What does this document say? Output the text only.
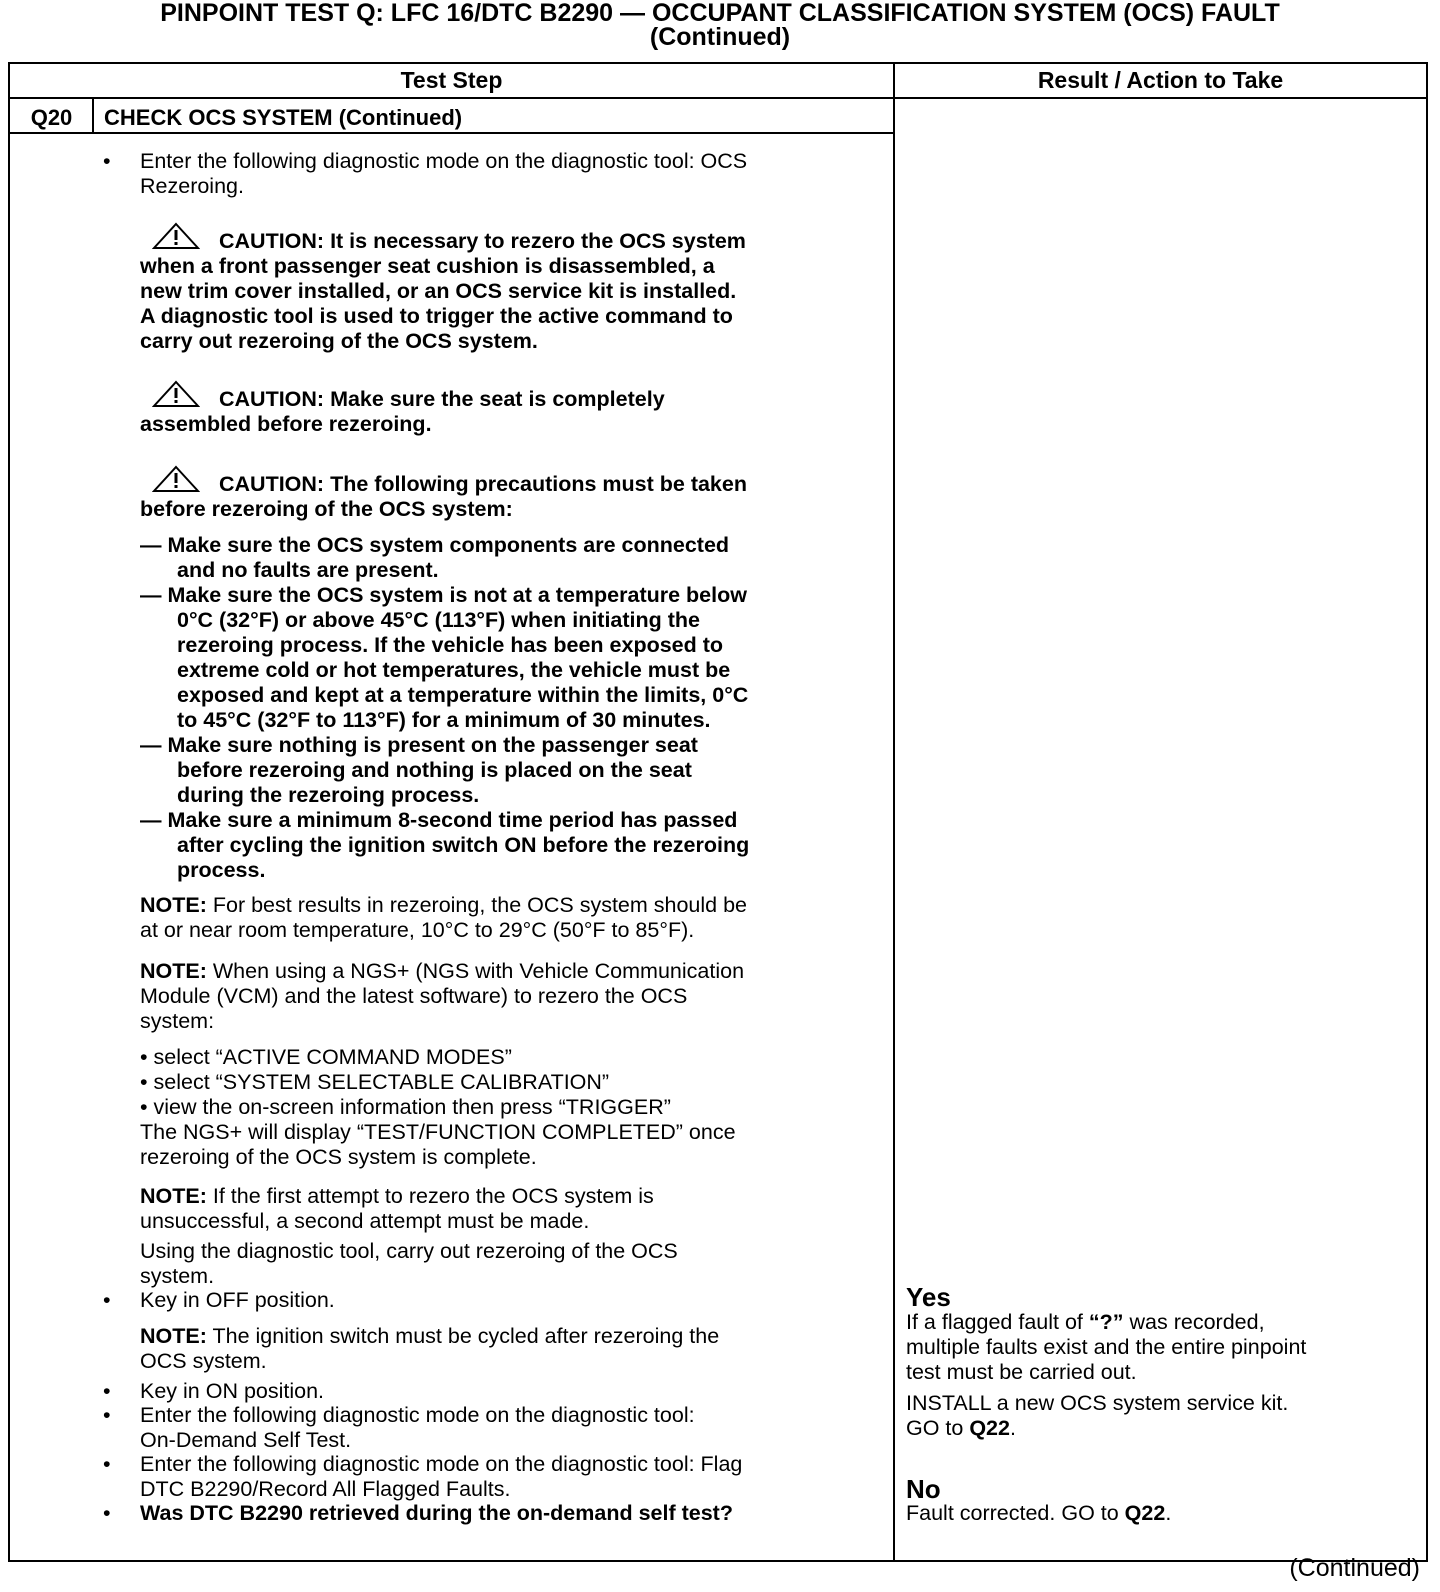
PINPOINT TEST Q: LFC 16/DTC B2290 — OCCUPANT CLASSIFICATION SYSTEM (OCS) FAULT
(Continued)
Test Step	Result / Action to Take
Q20	CHECK OCS SYSTEM (Continued)
• Enter the following diagnostic mode on the diagnostic tool: OCS
Rezeroing.
CAUTION: It is necessary to rezero the OCS system
when a front passenger seat cushion is disassembled, a
new trim cover installed, or an OCS service kit is installed.
A diagnostic tool is used to trigger the active command to
carry out rezeroing of the OCS system.
CAUTION: Make sure the seat is completely
assembled before rezeroing.
CAUTION: The following precautions must be taken
before rezeroing of the OCS system:
— Make sure the OCS system components are connected
and no faults are present.
— Make sure the OCS system is not at a temperature below
0°C (32°F) or above 45°C (113°F) when initiating the
rezeroing process. If the vehicle has been exposed to
extreme cold or hot temperatures, the vehicle must be
exposed and kept at a temperature within the limits, 0°C
to 45°C (32°F to 113°F) for a minimum of 30 minutes.
— Make sure nothing is present on the passenger seat
before rezeroing and nothing is placed on the seat
during the rezeroing process.
— Make sure a minimum 8-second time period has passed
after cycling the ignition switch ON before the rezeroing
process.
NOTE: For best results in rezeroing, the OCS system should be
at or near room temperature, 10°C to 29°C (50°F to 85°F).
NOTE: When using a NGS+ (NGS with Vehicle Communication
Module (VCM) and the latest software) to rezero the OCS
system:
• select “ACTIVE COMMAND MODES”
• select “SYSTEM SELECTABLE CALIBRATION”
• view the on-screen information then press “TRIGGER”
The NGS+ will display “TEST/FUNCTION COMPLETED” once
rezeroing of the OCS system is complete.
NOTE: If the first attempt to rezero the OCS system is
unsuccessful, a second attempt must be made.
Using the diagnostic tool, carry out rezeroing of the OCS
system.
• Key in OFF position.
NOTE: The ignition switch must be cycled after rezeroing the
OCS system.
• Key in ON position.
• Enter the following diagnostic mode on the diagnostic tool:
On-Demand Self Test.
• Enter the following diagnostic mode on the diagnostic tool: Flag
DTC B2290/Record All Flagged Faults.
• Was DTC B2290 retrieved during the on-demand self test?
Yes
If a flagged fault of “?” was recorded,
multiple faults exist and the entire pinpoint
test must be carried out.
INSTALL a new OCS system service kit.
GO to Q22.
No
Fault corrected. GO to Q22.
(Continued)
